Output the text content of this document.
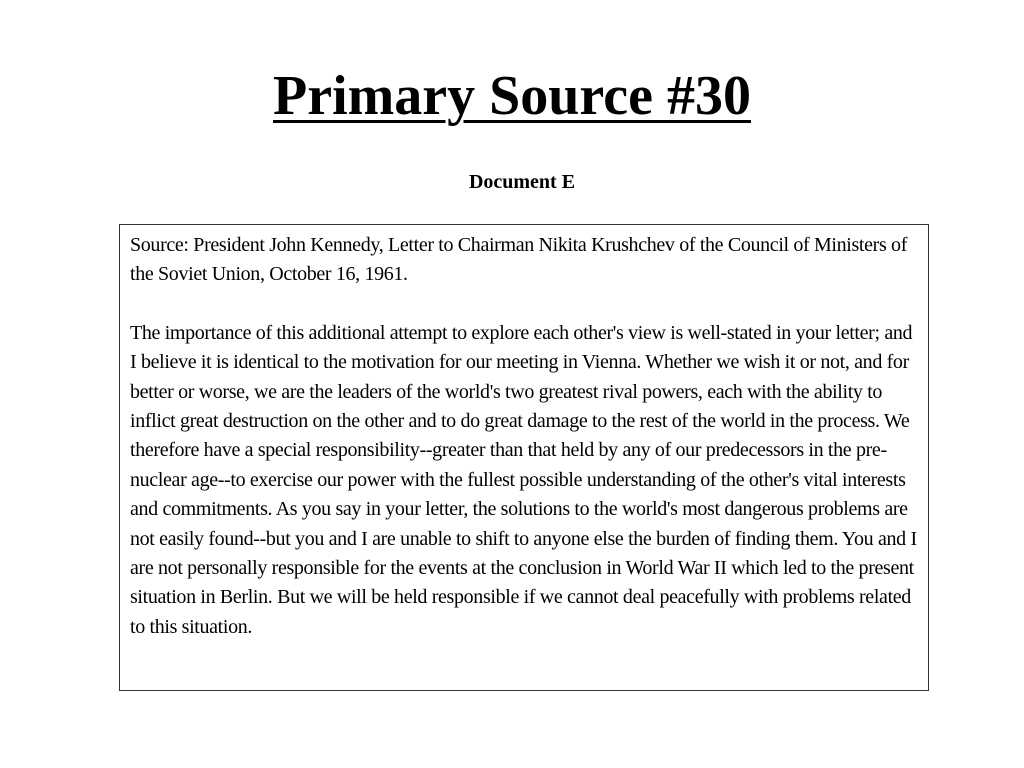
Primary Source #30
Document E

Source: President John Kennedy, Letter to Chairman Nikita Krushchev of the Council of Ministers of the Soviet Union, October 16, 1961.

The importance of this additional attempt to explore each other's view is well-stated in your letter; and I believe it is identical to the motivation for our meeting in Vienna. Whether we wish it or not, and for better or worse, we are the leaders of the world's two greatest rival powers, each with the ability to inflict great destruction on the other and to do great damage to the rest of the world in the process. We therefore have a special responsibility--greater than that held by any of our predecessors in the pre-nuclear age--to exercise our power with the fullest possible understanding of the other's vital interests and commitments. As you say in your letter, the solutions to the world's most dangerous problems are not easily found--but you and I are unable to shift to anyone else the burden of finding them. You and I are not personally responsible for the events at the conclusion in World War II which led to the present situation in Berlin. But we will be held responsible if we cannot deal peacefully with problems related to this situation.
